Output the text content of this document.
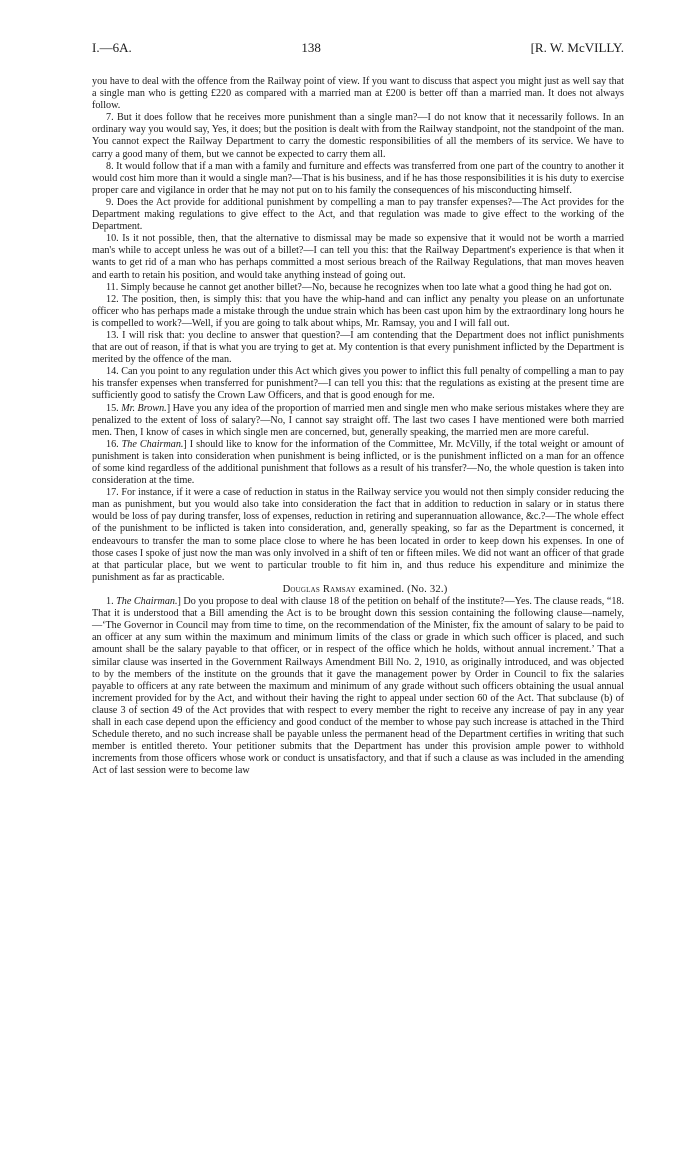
I.—6A.	138	[R. W. McVILLY.

you have to deal with the offence from the Railway point of view. If you want to discuss that aspect you might just as well say that a single man who is getting £220 as compared with a married man at £200 is better off than a married man. It does not always follow.

7. But it does follow that he receives more punishment than a single man?—I do not know that it necessarily follows. In an ordinary way you would say, Yes, it does; but the position is dealt with from the Railway standpoint, not the standpoint of the man. You cannot expect the Railway Department to carry the domestic responsibilities of all the members of its service. We have to carry a good many of them, but we cannot be expected to carry them all.

8. It would follow that if a man with a family and furniture and effects was transferred from one part of the country to another it would cost him more than it would a single man?—That is his business, and if he has those responsibilities it is his duty to exercise proper care and vigilance in order that he may not put on to his family the consequences of his misconducting himself.

9. Does the Act provide for additional punishment by compelling a man to pay transfer expenses?—The Act provides for the Department making regulations to give effect to the Act, and that regulation was made to give effect to the working of the Department.

10. Is it not possible, then, that the alternative to dismissal may be made so expensive that it would not be worth a married man's while to accept unless he was out of a billet?—I can tell you this: that the Railway Department's experience is that when it wants to get rid of a man who has perhaps committed a most serious breach of the Railway Regulations, that man moves heaven and earth to retain his position, and would take anything instead of going out.

11. Simply because he cannot get another billet?—No, because he recognizes when too late what a good thing he had got on.

12. The position, then, is simply this: that you have the whip-hand and can inflict any penalty you please on an unfortunate officer who has perhaps made a mistake through the undue strain which has been cast upon him by the extraordinary long hours he is compelled to work?—Well, if you are going to talk about whips, Mr. Ramsay, you and I will fall out.

13. I will risk that: you decline to answer that question?—I am contending that the Department does not inflict punishments that are out of reason, if that is what you are trying to get at. My contention is that every punishment inflicted by the Department is merited by the offence of the man.

14. Can you point to any regulation under this Act which gives you power to inflict this full penalty of compelling a man to pay his transfer expenses when transferred for punishment?—I can tell you this: that the regulations as existing at the present time are sufficiently good to satisfy the Crown Law Officers, and that is good enough for me.

15. Mr. Brown.] Have you any idea of the proportion of married men and single men who make serious mistakes where they are penalized to the extent of loss of salary?—No, I cannot say straight off. The last two cases I have mentioned were both married men. Then, I know of cases in which single men are concerned, but, generally speaking, the married men are more careful.

16. The Chairman.] I should like to know for the information of the Committee, Mr. McVilly, if the total weight or amount of punishment is taken into consideration when punishment is being inflicted, or is the punishment inflicted on a man for an offence of some kind regardless of the additional punishment that follows as a result of his transfer?—No, the whole question is taken into consideration at the time.

17. For instance, if it were a case of reduction in status in the Railway service you would not then simply consider reducing the man as punishment, but you would also take into consideration the fact that in addition to reduction in salary or in status there would be loss of pay during transfer, loss of expenses, reduction in retiring and superannuation allowance, &c.?—The whole effect of the punishment to be inflicted is taken into consideration, and, generally speaking, so far as the Department is concerned, it endeavours to transfer the man to some place close to where he has been located in order to keep down his expenses. In one of those cases I spoke of just now the man was only involved in a shift of ten or fifteen miles. We did not want an officer of that grade at that particular place, but we went to particular trouble to fit him in, and thus reduce his expenditure and minimize the punishment as far as practicable.

Douglas Ramsay examined. (No. 32.)

1. The Chairman.] Do you propose to deal with clause 18 of the petition on behalf of the institute?—Yes. The clause reads, “18. That it is understood that a Bill amending the Act is to be brought down this session containing the following clause—namely,—‘The Governor in Council may from time to time, on the recommendation of the Minister, fix the amount of salary to be paid to an officer at any sum within the maximum and minimum limits of the class or grade in which such officer is placed, and such amount shall be the salary payable to that officer, or in respect of the office which he holds, without annual increment.’ That a similar clause was inserted in the Government Railways Amendment Bill No. 2, 1910, as originally introduced, and was objected to by the members of the institute on the grounds that it gave the management power by Order in Council to fix the salaries payable to officers at any rate between the maximum and minimum of any grade without such officers obtaining the usual annual increment provided for by the Act, and without their having the right to appeal under section 60 of the Act. That subclause (b) of clause 3 of section 49 of the Act provides that with respect to every member the right to receive any increase of pay in any year shall in each case depend upon the efficiency and good conduct of the member to whose pay such increase is attached in the Third Schedule thereto, and no such increase shall be payable unless the permanent head of the Department certifies in writing that such member is entitled thereto. Your petitioner submits that the Department has under this provision ample power to withhold increments from those officers whose work or conduct is unsatisfactory, and that if such a clause as was included in the amending Act of last session were to become law
